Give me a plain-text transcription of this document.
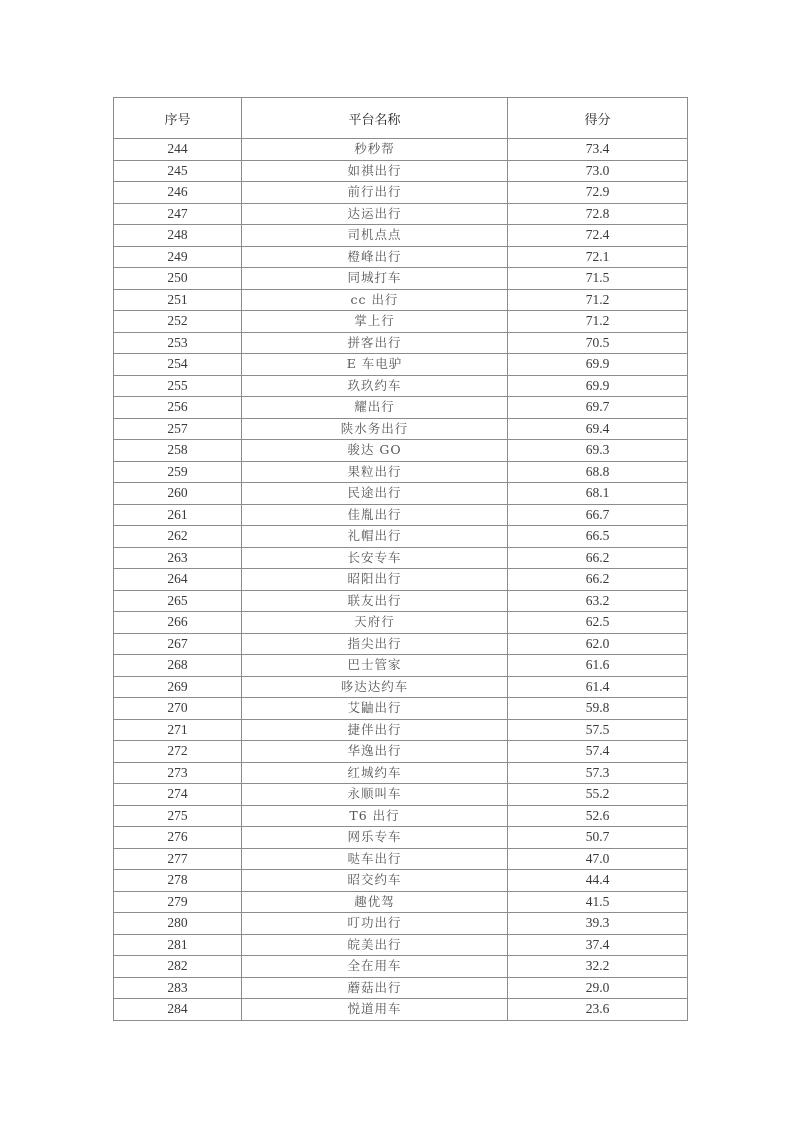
序号	平台名称	得分
244	秒秒帮	73.4
245	如祺出行	73.0
246	前行出行	72.9
247	达运出行	72.8
248	司机点点	72.4
249	橙峰出行	72.1
250	同城打车	71.5
251	cc 出行	71.2
252	掌上行	71.2
253	拼客出行	70.5
254	E 车电驴	69.9
255	玖玖约车	69.9
256	耀出行	69.7
257	陕水务出行	69.4
258	骏达 GO	69.3
259	果粒出行	68.8
260	民途出行	68.1
261	佳胤出行	66.7
262	礼帽出行	66.5
263	长安专车	66.2
264	昭阳出行	66.2
265	联友出行	63.2
266	天府行	62.5
267	指尖出行	62.0
268	巴士管家	61.6
269	哆达达约车	61.4
270	艾鼬出行	59.8
271	捷伴出行	57.5
272	华逸出行	57.4
273	红城约车	57.3
274	永顺叫车	55.2
275	T6 出行	52.6
276	网乐专车	50.7
277	哒车出行	47.0
278	昭交约车	44.4
279	趣优驾	41.5
280	叮功出行	39.3
281	皖美出行	37.4
282	全在用车	32.2
283	蘑菇出行	29.0
284	悦道用车	23.6
